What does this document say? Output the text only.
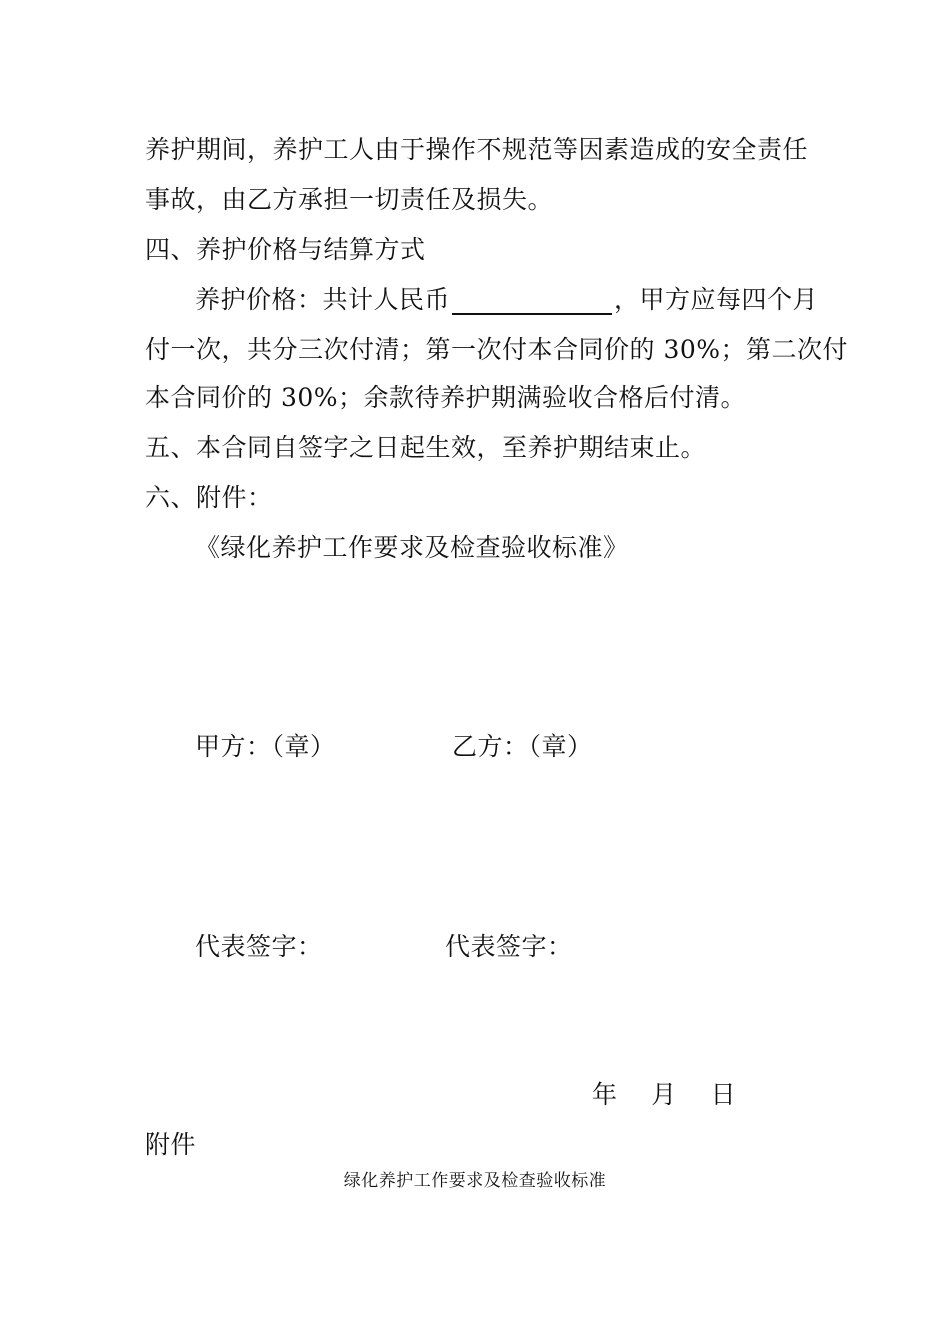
养护期间，养护工人由于操作不规范等因素造成的安全责任
事故，由乙方承担一切责任及损失。
四、养护价格与结算方式
养护价格：共计人民币	，甲方应每四个月
付一次，共分三次付清；第一次付本合同价的 30%；第二次付
本合同价的 30%；余款待养护期满验收合格后付清。
五、本合同自签字之日起生效，至养护期结束止。
六、附件：
《绿化养护工作要求及检查验收标准》
甲方：（章）	乙方：（章）
代表签字：	代表签字：
年    月    日
附件
绿化养护工作要求及检查验收标准
